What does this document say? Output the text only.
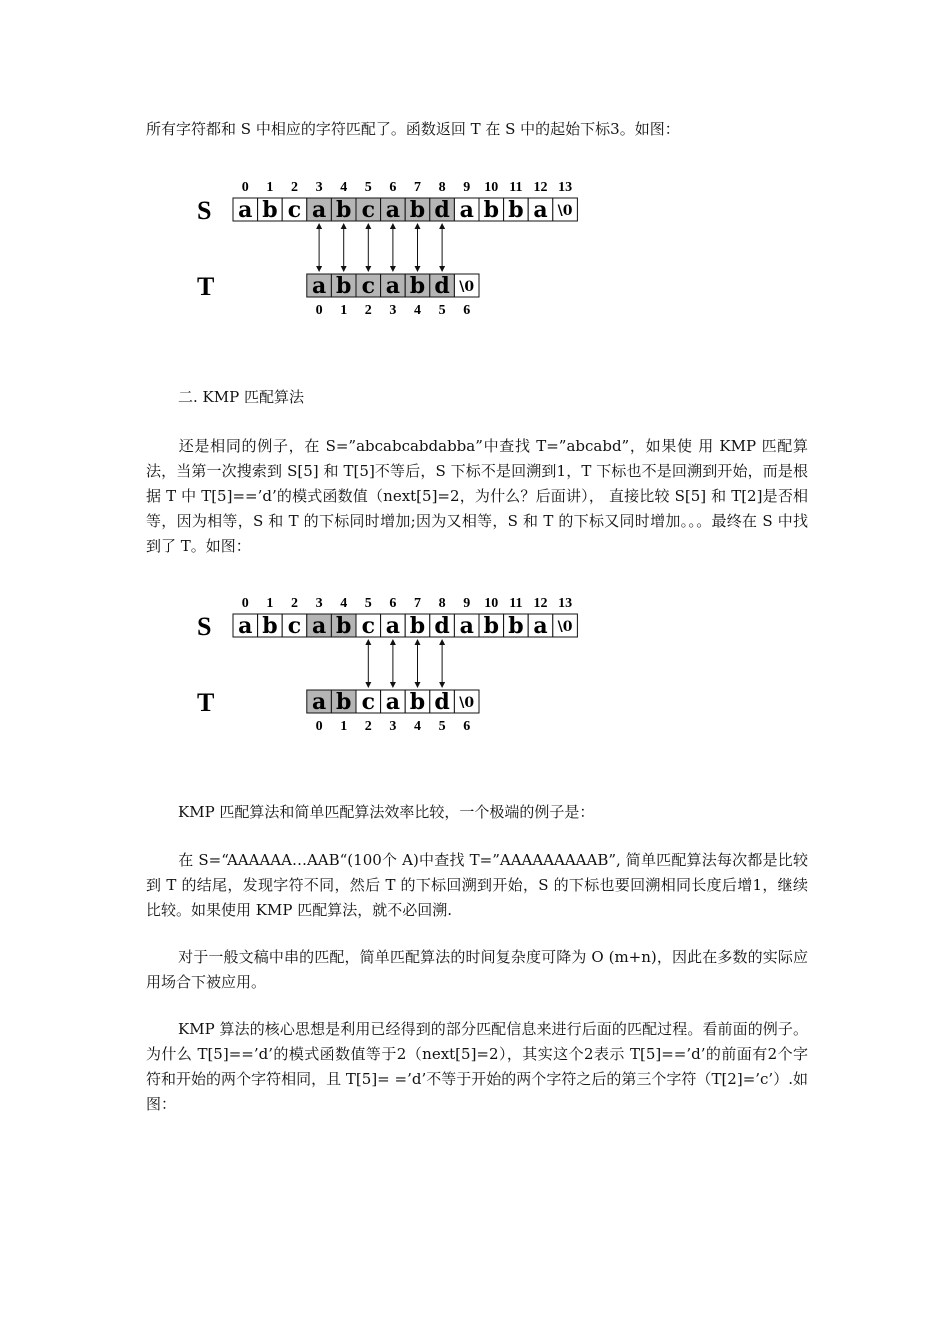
所有字符都和 S 中相应的字符匹配了。函数返回 T 在 S 中的起始下标3。如图：

S
T
0 1 2 3 4 5 6 7 8 9 10 11 12 13
a b c a b c a b d a b b a \0
a b c a b d \0
0 1 2 3 4 5 6

二. KMP 匹配算法

还是相同的例子，在 S=”abcabcabdabba”中查找 T=”abcabd”，如果使 用 KMP 匹配算法，当第一次搜索到 S[5] 和 T[5]不等后，S 下标不是回溯到1，T 下标也不是回溯到开始，而是根据 T 中 T[5]==’d’的模式函数值（next[5]=2，为什么？后面讲）， 直接比较 S[5] 和 T[2]是否相等，因为相等，S 和 T 的下标同时增加;因为又相等，S 和 T 的下标又同时增加。。。最终在 S 中找到了 T。如图：

S
T
0 1 2 3 4 5 6 7 8 9 10 11 12 13
a b c a b c a b d a b b a \0
a b c a b d \0
0 1 2 3 4 5 6

KMP 匹配算法和简单匹配算法效率比较，一个极端的例子是：

在 S=“AAAAAA…AAB“(100个 A)中查找 T=”AAAAAAAAAB”, 简单匹配算法每次都是比较到 T 的结尾，发现字符不同，然后 T 的下标回溯到开始，S 的下标也要回溯相同长度后增1，继续比较。如果使用 KMP 匹配算法，就不必回溯.

对于一般文稿中串的匹配，简单匹配算法的时间复杂度可降为 O (m+n)，因此在多数的实际应用场合下被应用。

KMP 算法的核心思想是利用已经得到的部分匹配信息来进行后面的匹配过程。看前面的例子。为什么 T[5]==’d’的模式函数值等于2（next[5]=2），其实这个2表示 T[5]==’d’的前面有2个字符和开始的两个字符相同，且 T[5]= =’d’不等于开始的两个字符之后的第三个字符（T[2]=’c’）.如图：
